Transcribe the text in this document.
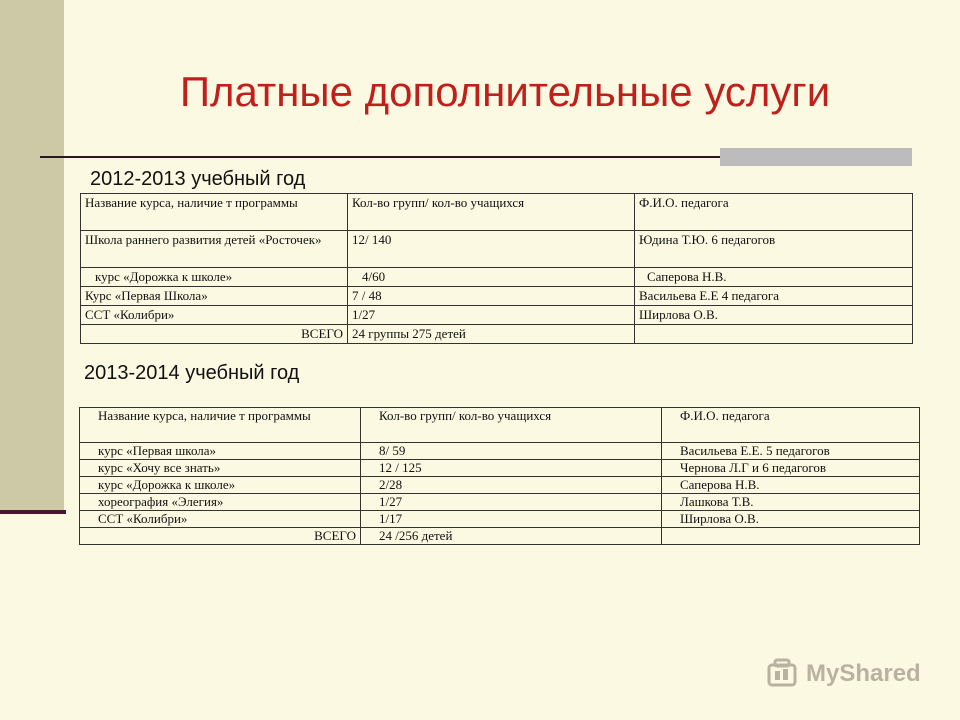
Платные дополнительные услуги
2012-2013 учебный год
Название курса, наличие т программы	Кол-во групп/ кол-во учащихся	Ф.И.О. педагога
Школа раннего развития детей «Росточек»	12/ 140	Юдина Т.Ю. 6 педагогов
курс «Дорожка к школе»	4/60	Саперова Н.В.
Курс «Первая Школа»	7 / 48	Васильева Е.Е 4 педагога
ССТ «Колибри»	1/27	Ширлова О.В.
ВСЕГО	24 группы 275 детей	
2013-2014 учебный год
Название курса, наличие т программы	Кол-во групп/ кол-во учащихся	Ф.И.О. педагога
курс «Первая школа»	8/ 59	Васильева Е.Е. 5 педагогов
курс «Хочу все знать»	12 / 125	Чернова Л.Г и 6 педагогов
курс «Дорожка к школе»	2/28	Саперова Н.В.
хореография «Элегия»	1/27	Лашкова Т.В.
ССТ «Колибри»	1/17	Ширлова О.В.
ВСЕГО	24 /256 детей	
MyShared
